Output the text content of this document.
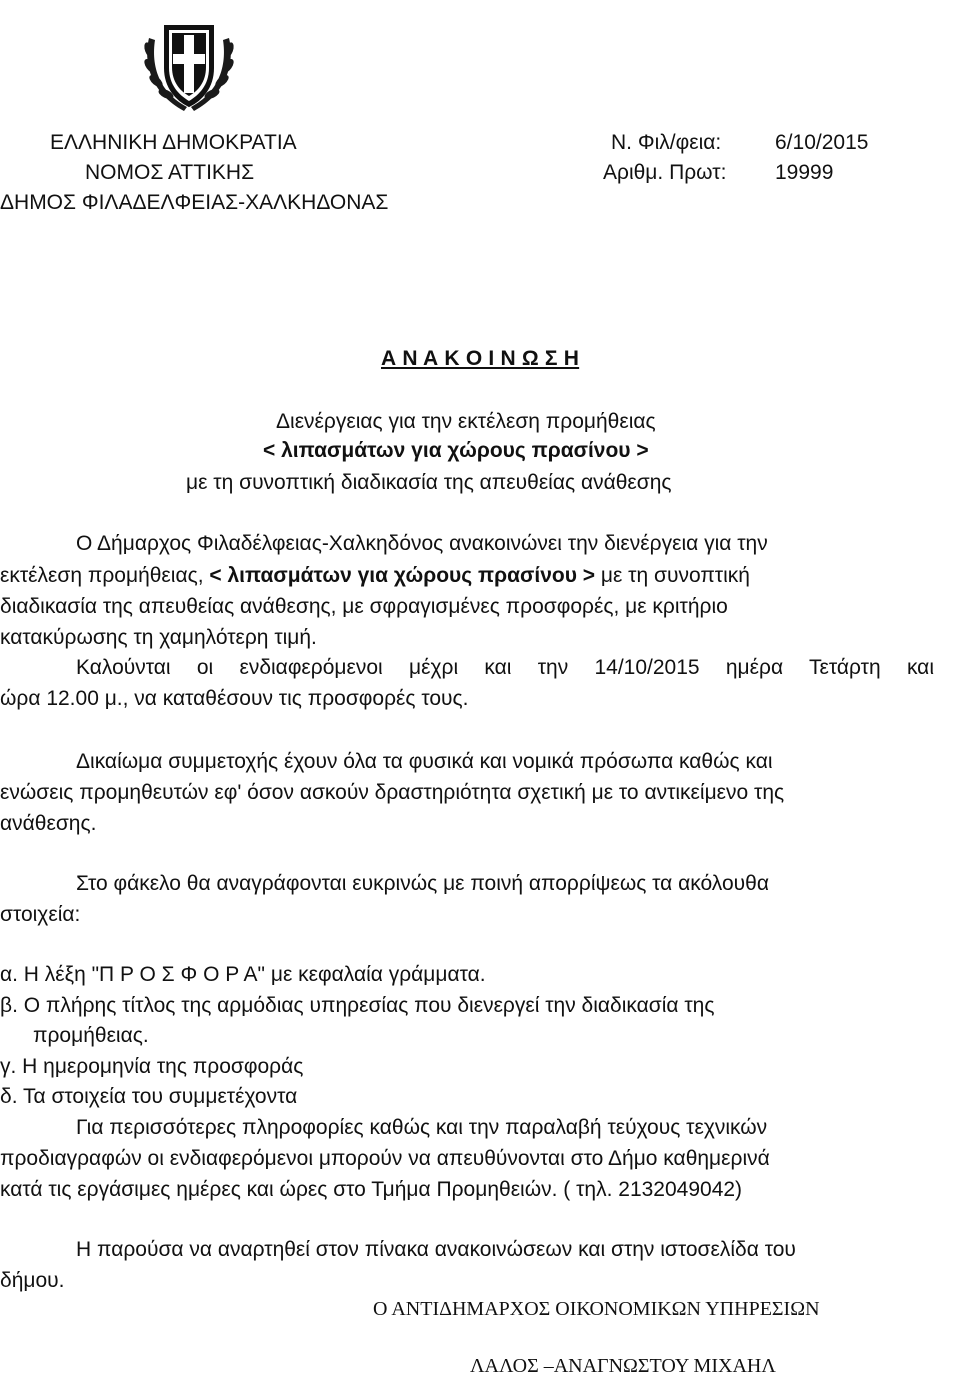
ΕΛΛΗΝΙΚΗ ΔΗΜΟΚΡΑΤΙΑ
ΝΟΜΟΣ ΑΤΤΙΚΗΣ
ΔΗΜΟΣ ΦΙΛΑΔΕΛΦΕΙΑΣ-ΧΑΛΚΗΔΟΝΑΣ
Ν. Φιλ/φεια:	6/10/2015
Αριθμ. Πρωτ: 19999
Α Ν Α Κ Ο Ι Ν Ω Σ Η
Διενέργειας για την εκτέλεση προμήθειας
< λιπασμάτων για χώρους πρασίνου >
με τη συνοπτική διαδικασία της απευθείας ανάθεσης
Ο Δήμαρχος Φιλαδέλφειας-Χαλκηδόνος ανακοινώνει την διενέργεια για την
εκτέλεση προμήθειας, < λιπασμάτων για χώρους πρασίνου > με τη συνοπτική
διαδικασία της απευθείας ανάθεσης, με σφραγισμένες προσφορές, με κριτήριο
κατακύρωσης τη χαμηλότερη τιμή.
Καλούνται οι ενδιαφερόμενοι μέχρι και την 14/10/2015 ημέρα Τετάρτη και
ώρα 12.00 μ., να καταθέσουν τις προσφορές τους.
Δικαίωμα συμμετοχής έχουν όλα τα φυσικά και νομικά πρόσωπα καθώς και
ενώσεις προμηθευτών εφ' όσον ασκούν δραστηριότητα σχετική με το αντικείμενο της
ανάθεσης.
Στο φάκελο θα αναγράφονται ευκρινώς με ποινή απορρίψεως τα ακόλουθα
στοιχεία:
α. Η λέξη "Π Ρ Ο Σ Φ Ο Ρ Α" με κεφαλαία γράμματα.
β. Ο πλήρης τίτλος της αρμόδιας υπηρεσίας που διενεργεί την διαδικασία της
προμήθειας.
γ. Η ημερομηνία της προσφοράς
δ. Τα στοιχεία του συμμετέχοντα
Για περισσότερες πληροφορίες καθώς και την παραλαβή τεύχους τεχνικών
προδιαγραφών οι ενδιαφερόμενοι μπορούν να απευθύνονται στο Δήμο καθημερινά
κατά τις εργάσιμες ημέρες και ώρες στο Τμήμα Προμηθειών. ( τηλ. 2132049042)
Η παρούσα να αναρτηθεί στον πίνακα ανακοινώσεων και στην ιστοσελίδα του
δήμου.
Ο ΑΝΤΙΔΗΜΑΡΧΟΣ ΟΙΚΟΝΟΜΙΚΩΝ ΥΠΗΡΕΣΙΩΝ
ΛΑΛΟΣ –ΑΝΑΓΝΩΣΤΟΥ ΜΙΧΑΗΛ
